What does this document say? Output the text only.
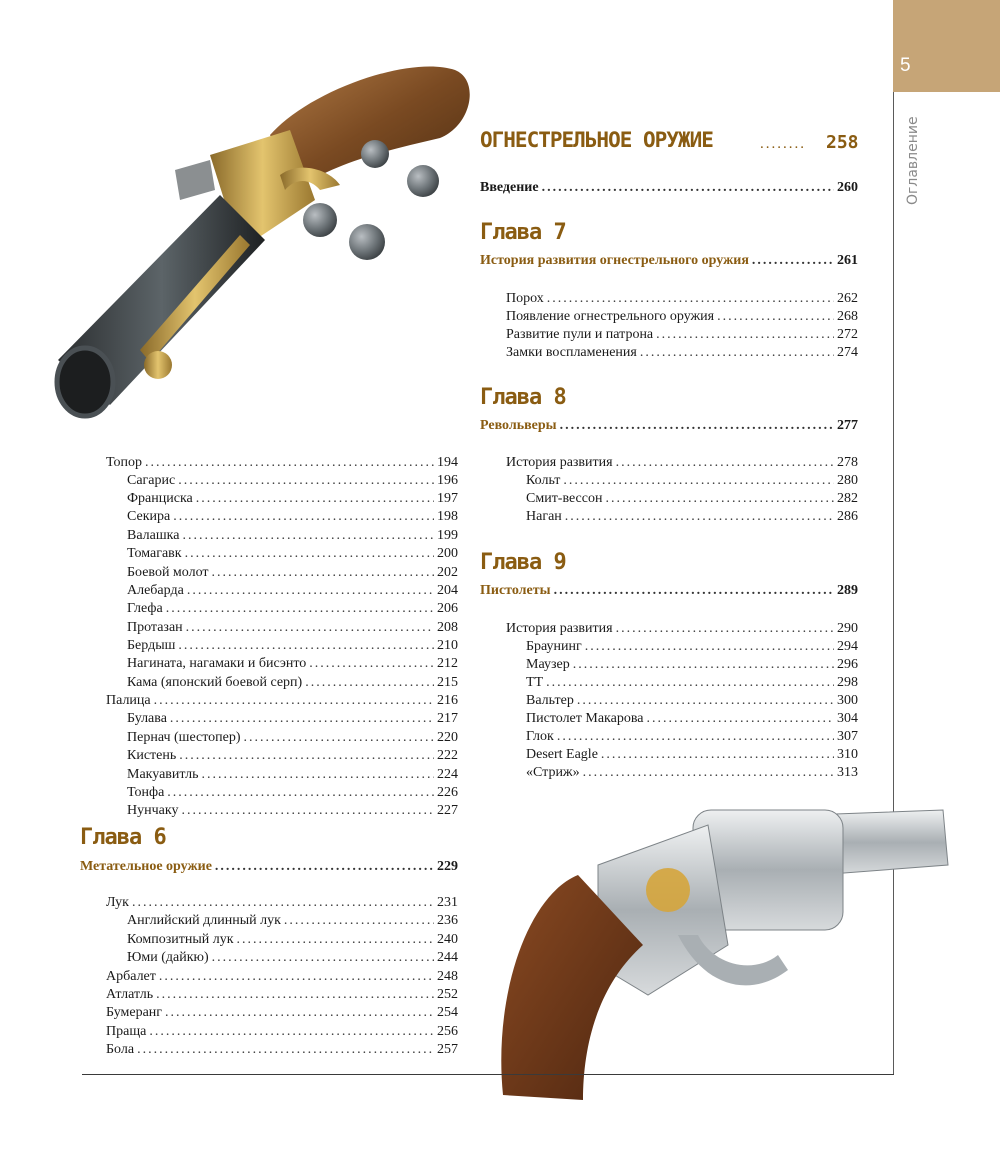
5
Оглавление
ОГНЕСТРЕЛЬНОЕ ОРУЖИЕ	........ 258
Введение .....	260
Глава 7
История развития огнестрельного оружия .....	261
Порох .....	262
Появление огнестрельного оружия .....	268
Развитие пули и патрона .....	272
Замки воспламенения .....	274
Глава 8
Револьверы .....	277
История развития .....	278
Кольт .....	280
Смит-вессон .....	282
Наган .....	286
Глава 9
Пистолеты .....	289
История развития .....	290
Браунинг .....	294
Маузер .....	296
ТТ .....	298
Вальтер .....	300
Пистолет Макарова .....	304
Глок .....	307
Desert Eagle .....	310
«Стриж» .....	313
Топор .....	194
Сагарис .....	196
Франциска .....	197
Секира .....	198
Валашка .....	199
Томагавк .....	200
Боевой молот .....	202
Алебарда .....	204
Глефа .....	206
Протазан .....	208
Бердыш .....	210
Нагината, нагамаки и бисэнто .....	212
Кама (японский боевой серп) .....	215
Палица .....	216
Булава .....	217
Пернач (шестопер) .....	220
Кистень .....	222
Макуавитль .....	224
Тонфа .....	226
Нунчаку .....	227
Глава 6
Метательное оружие .....	229
Лук .....	231
Английский длинный лук .....	236
Композитный лук .....	240
Юми (дайкю) .....	244
Арбалет .....	248
Атлатль .....	252
Бумеранг .....	254
Праща .....	256
Бола .....	257
